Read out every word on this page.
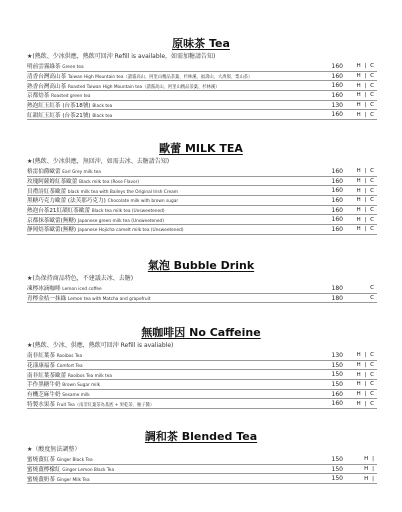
原味茶 Tea
★(熱飲、少冰供應，熱飲可回沖 Refill is available，如需加糖請告知)
明前雲霧綠茶 Green tea	160	H | C
清香台灣高山茶 Taiwan High Mountain tea（讀霧高山、阿里山精品茶葉、杉林溪、福壽山、大禹嶺、梨山茶）	160	H | C
熟香台灣高山茶 Roasted Taiwan High Mountain tea（讀霧高山、阿里山精品茶葉、杉林溪）	160	H | C
京都焙茶 Roasted green tea	160	H | C
熱泡紅玉紅茶 (台茶18號) Black tea	130	H | C
紅韻紅玉紅茶 (台茶21號) Black tea	160	H | C
歐蕾 MILK TEA
★(熱飲、少冰供應，無回沖，如需去冰、去糖請告知)
格雷伯爵歐蕾 Earl Grey milk tea	160	H | C
玫瑰阿薩姆紅茶歐蕾 Black milk tea (Rose Flavor)	160	H | C
貝禮詩紅茶歐蕾 black milk tea with Baileys the Original Irish Cream	160	H | C
黑糖巧克力歐蕾 (法芙那巧克力) Chocolate milk with brown sugar	160	H | C
熱泡台茶21紅韻紅茶歐蕾 Black tea milk tea (Unsweetened)	160	H | C
京都抹茶歐蕾(無糖) Japanese green milk tea (Unsweetened)	160	H | C
靜岡焙茶歐蕾(無糖) Japanese Hojicha camelt milk tea (Unsweetened)	160	H | C
氣泡 Bubble Drink
★(為保持商品特色，不建議去冰、去糖)
凍檸冰滴咖啡 Lemon iced coffee	180	C
青檸金桔一抹綠 Lemon tea with Matcha and grapefruit	180	C
無咖啡因 No Caffeine
★(熱飲、少冰、供應，熱飲可回沖 Refill is avaliable)
南非紅葉茶 Rooibos Tea	130	H | C
花漾康福茶 Comfort Tea	150	H | C
南非紅葉茶歐蕾 Rooibos Tea milk tea	150	H | C
手作黑糖牛奶 Brown Sugar milk	150	H | C
有機芝麻牛奶 Sesame milk	160	H | C
特製水果茶 Fruit Tea（南非紅葉茶為基底 + 果乾茶、柚子醬）	160	H | C
調和茶 Blended Tea
★（酸度無法調整）
蜜燒薑紅茶 Ginger Black Tea	150	H |
蜜燒薑檸檬紅 Ginger Lemon Black Tea	150	H |
蜜燒薑奶茶 Ginger Milk Tea	150	H |
